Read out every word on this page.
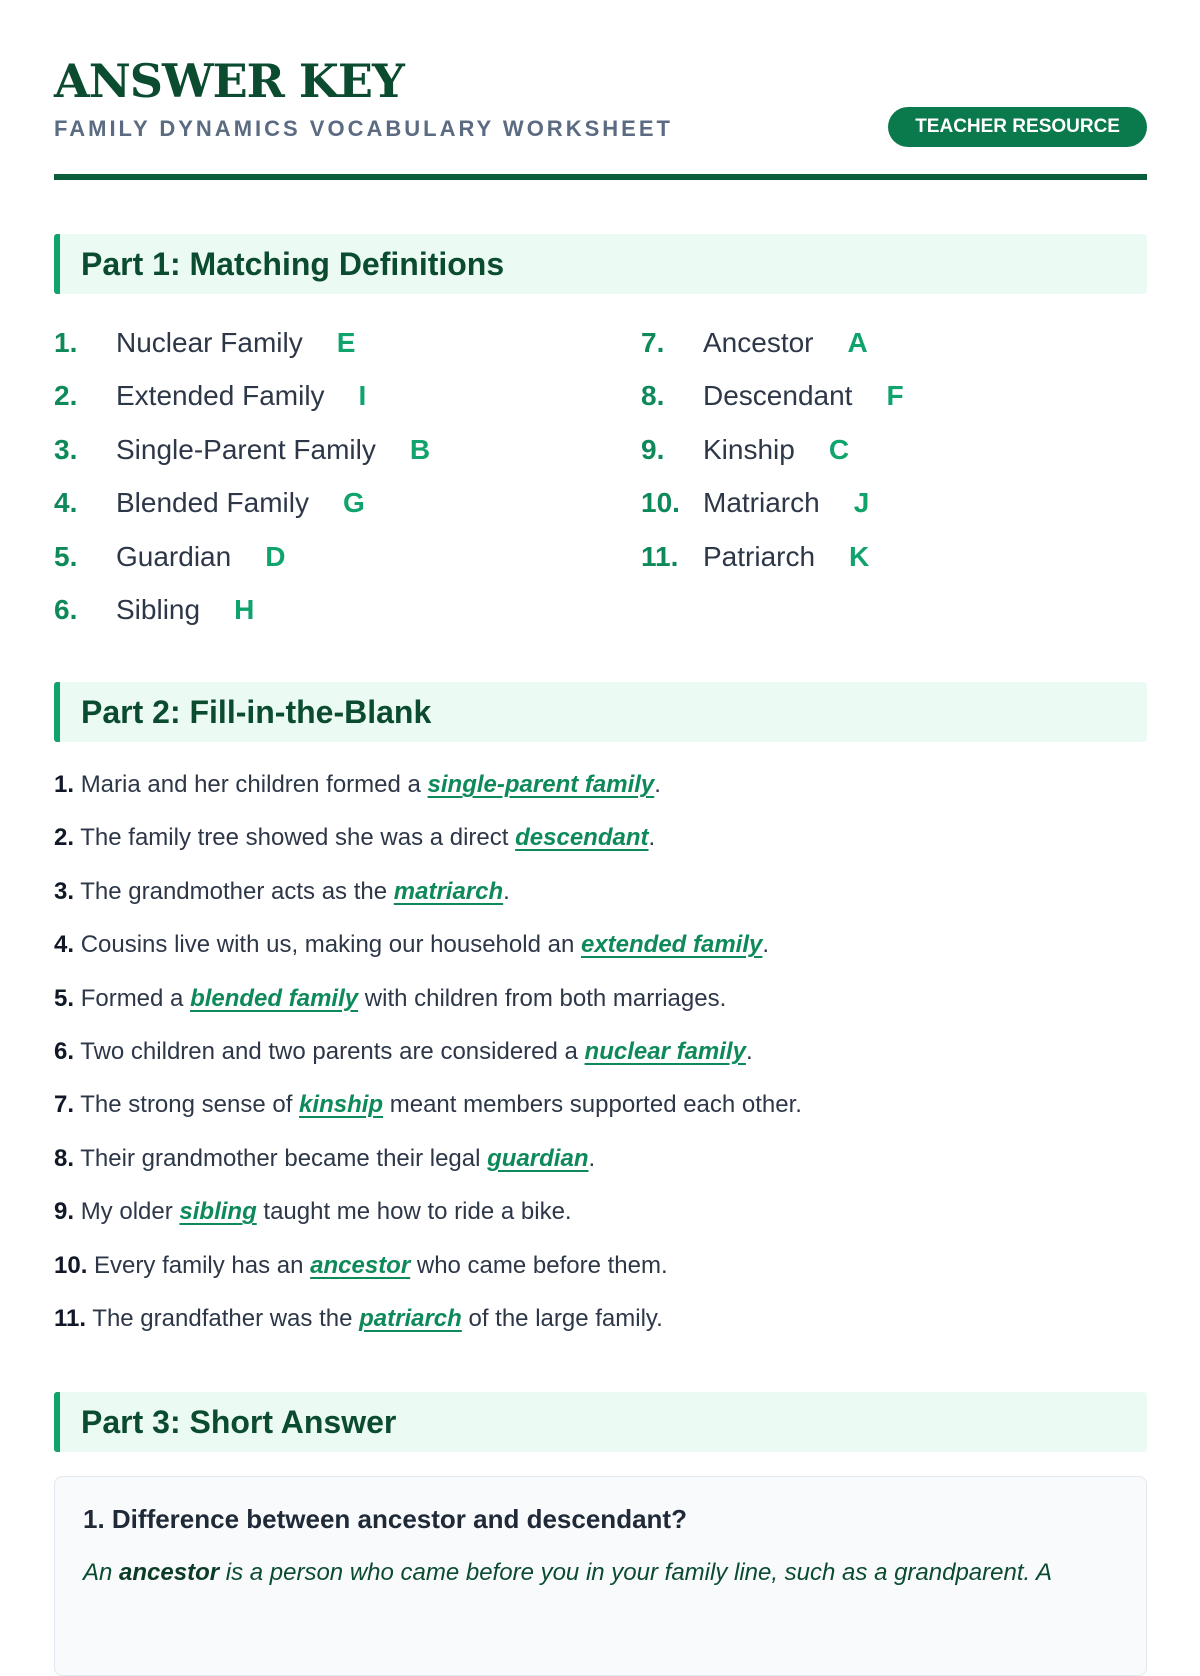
ANSWER KEY

FAMILY DYNAMICS VOCABULARY WORKSHEET	TEACHER RESOURCE
Part 1: Matching Definitions
1. Nuclear Family E
2. Extended Family I
3. Single-Parent Family B
4. Blended Family G
5. Guardian D
6. Sibling H
7. Ancestor A
8. Descendant F
9. Kinship C
10. Matriarch J
11. Patriarch K
Part 2: Fill-in-the-Blank
1. Maria and her children formed a single-parent family.
2. The family tree showed she was a direct descendant.
3. The grandmother acts as the matriarch.
4. Cousins live with us, making our household an extended family.
5. Formed a blended family with children from both marriages.
6. Two children and two parents are considered a nuclear family.
7. The strong sense of kinship meant members supported each other.
8. Their grandmother became their legal guardian.
9. My older sibling taught me how to ride a bike.
10. Every family has an ancestor who came before them.
11. The grandfather was the patriarch of the large family.
Part 3: Short Answer

1. Difference between ancestor and descendant?

An ancestor is a person who came before you in your family line, such as a grandparent. A
